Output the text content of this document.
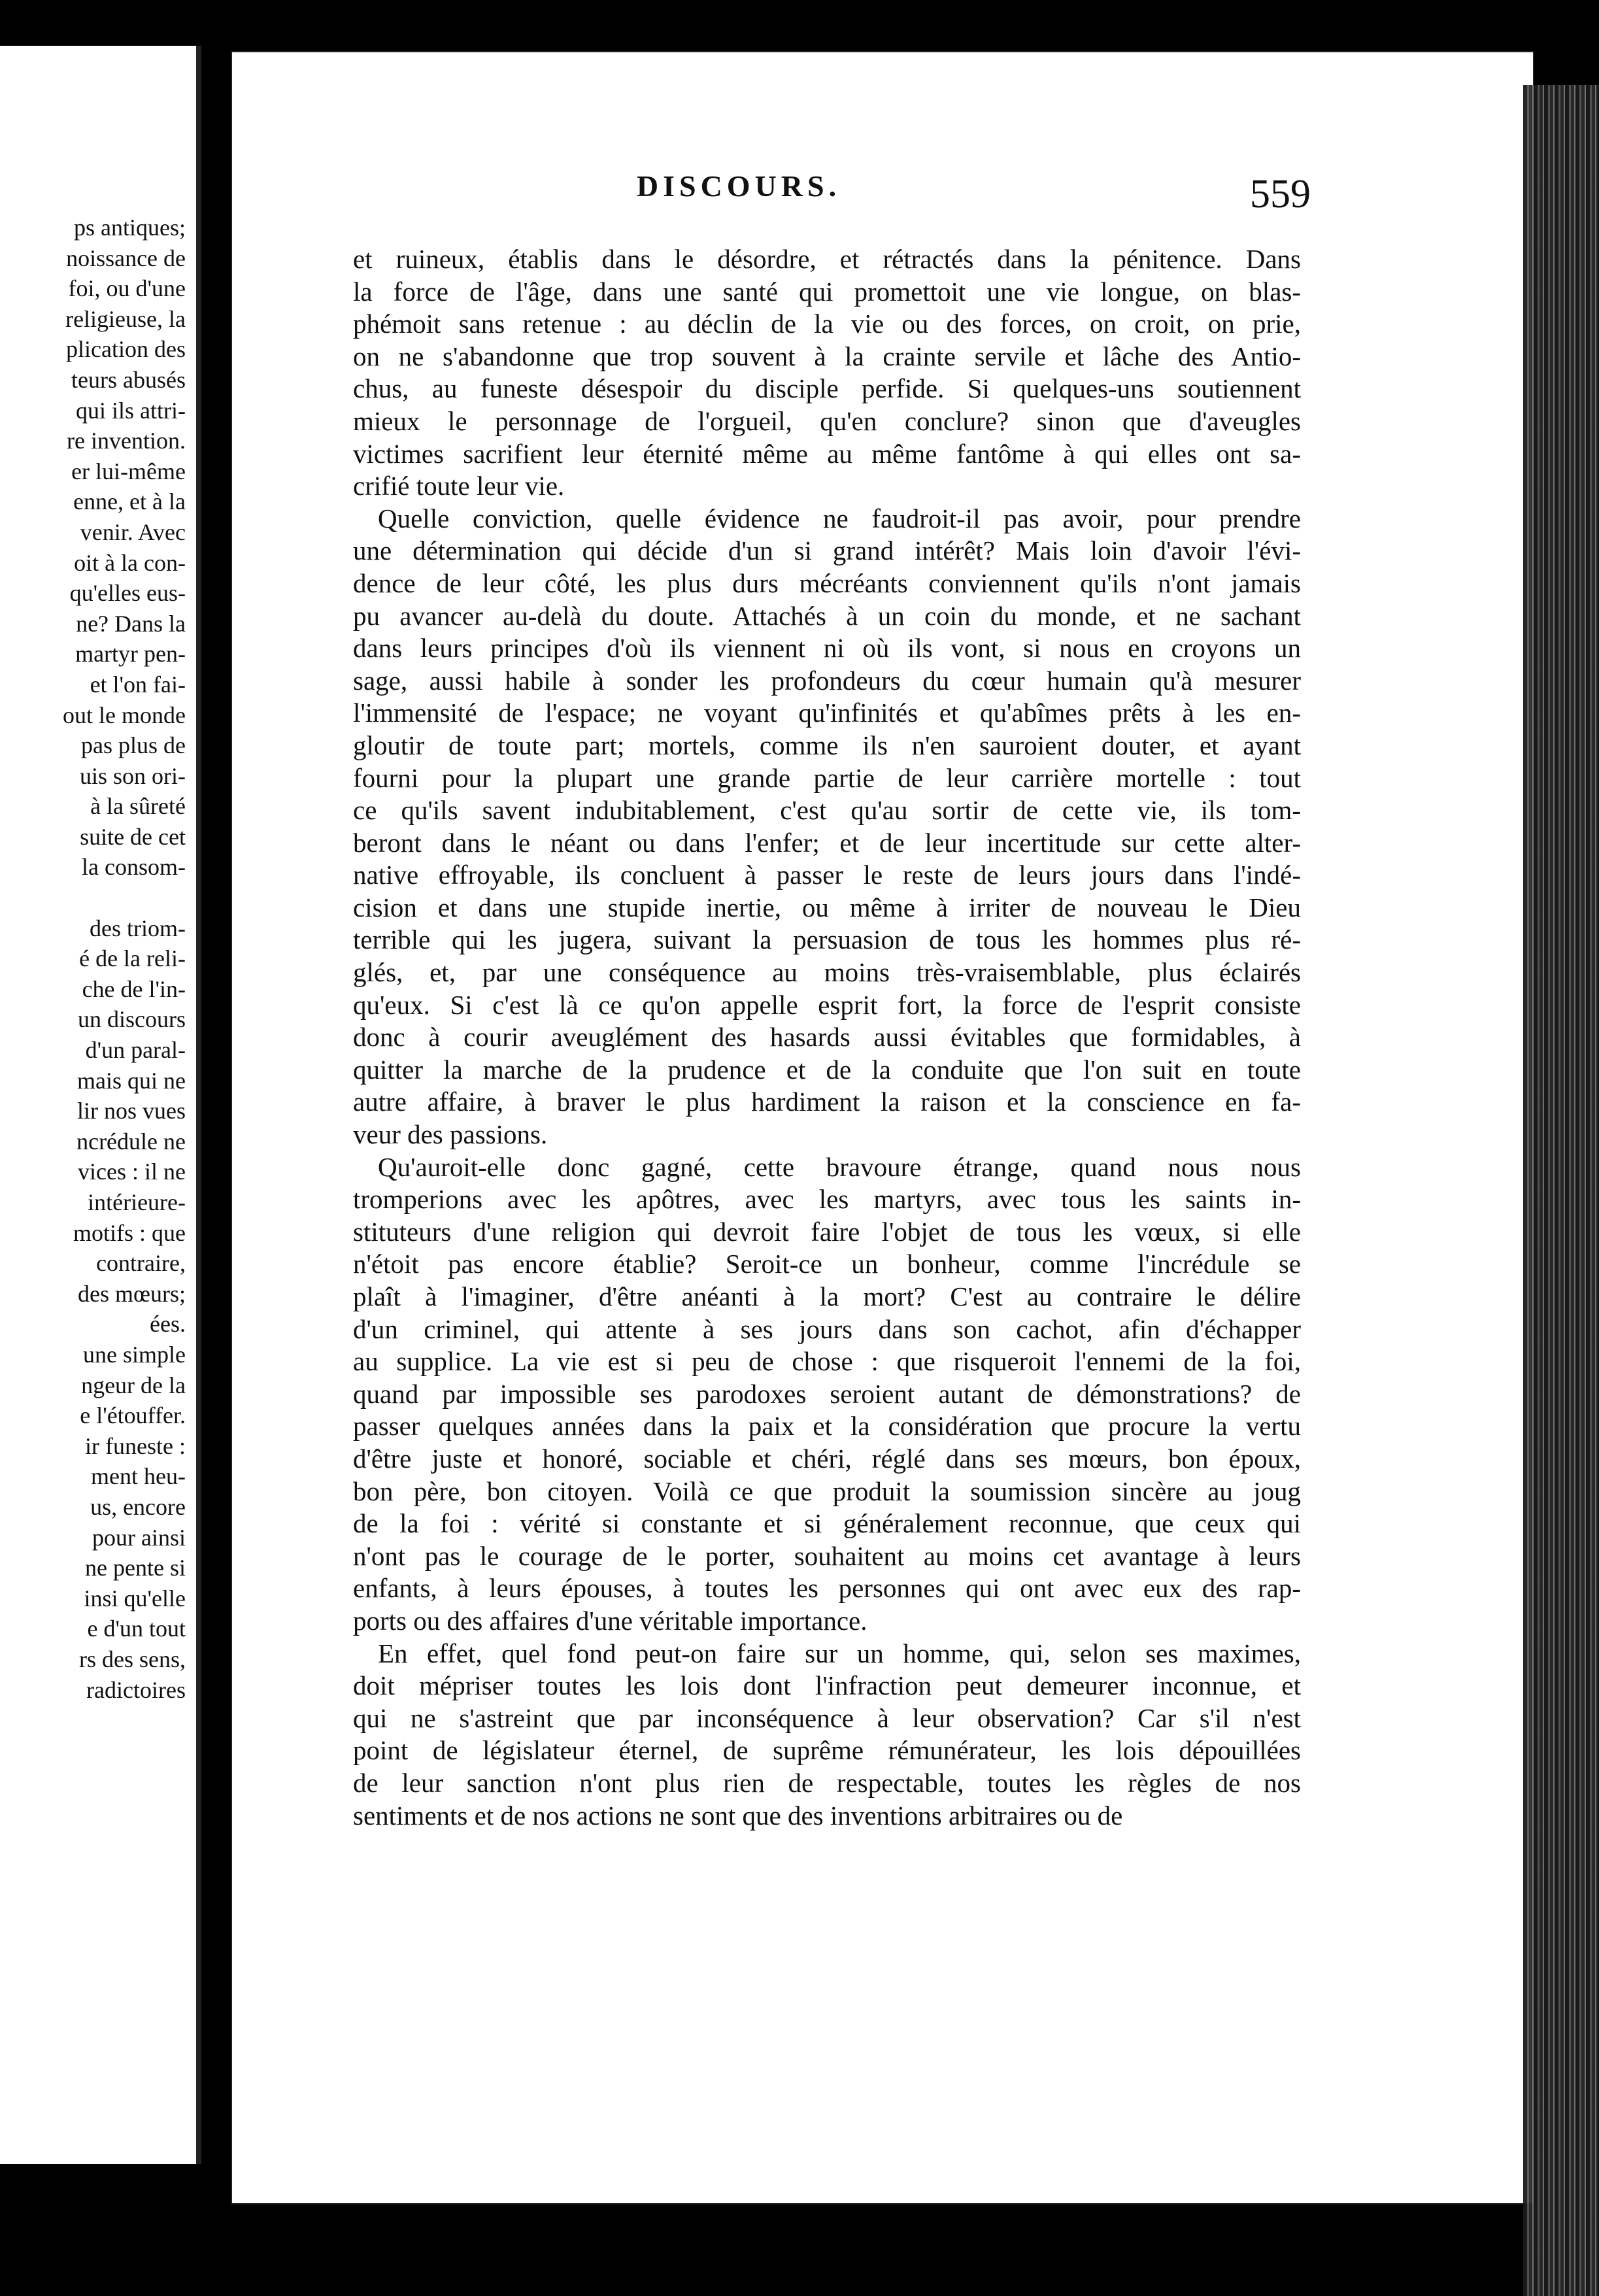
ps antiques;
noissance de
foi, ou d'une
religieuse, la
plication des
teurs abusés
qui ils attri-
re invention.
er lui-même
enne, et à la
venir. Avec
oit à la con-
qu'elles eus-
ne? Dans la
martyr pen-
et l'on fai-
out le monde
pas plus de
uis son ori-
à la sûreté
suite de cet
la consom-

des triom-
é de la reli-
che de l'in-
un discours
d'un paral-
mais qui ne
lir nos vues
ncrédule ne
vices : il ne
intérieure-
motifs : que
contraire,
des mœurs;
ées.
une simple
ngeur de la
e l'étouffer.
ir funeste :
ment heu-
us, encore
pour ainsi
ne pente si
insi qu'elle
e d'un tout
rs des sens,
radictoires
DISCOURS.	559
et ruineux, établis dans le désordre, et rétractés dans la pénitence. Dans
la force de l'âge, dans une santé qui promettoit une vie longue, on blas-
phémoit sans retenue : au déclin de la vie ou des forces, on croit, on prie,
on ne s'abandonne que trop souvent à la crainte servile et lâche des Antio-
chus, au funeste désespoir du disciple perfide. Si quelques-uns soutiennent
mieux le personnage de l'orgueil, qu'en conclure? sinon que d'aveugles
victimes sacrifient leur éternité même au même fantôme à qui elles ont sa-
crifié toute leur vie.
Quelle conviction, quelle évidence ne faudroit-il pas avoir, pour prendre
une détermination qui décide d'un si grand intérêt? Mais loin d'avoir l'évi-
dence de leur côté, les plus durs mécréants conviennent qu'ils n'ont jamais
pu avancer au-delà du doute. Attachés à un coin du monde, et ne sachant
dans leurs principes d'où ils viennent ni où ils vont, si nous en croyons un
sage, aussi habile à sonder les profondeurs du cœur humain qu'à mesurer
l'immensité de l'espace; ne voyant qu'infinités et qu'abîmes prêts à les en-
gloutir de toute part; mortels, comme ils n'en sauroient douter, et ayant
fourni pour la plupart une grande partie de leur carrière mortelle : tout
ce qu'ils savent indubitablement, c'est qu'au sortir de cette vie, ils tom-
beront dans le néant ou dans l'enfer; et de leur incertitude sur cette alter-
native effroyable, ils concluent à passer le reste de leurs jours dans l'indé-
cision et dans une stupide inertie, ou même à irriter de nouveau le Dieu
terrible qui les jugera, suivant la persuasion de tous les hommes plus ré-
glés, et, par une conséquence au moins très-vraisemblable, plus éclairés
qu'eux. Si c'est là ce qu'on appelle esprit fort, la force de l'esprit consiste
donc à courir aveuglément des hasards aussi évitables que formidables, à
quitter la marche de la prudence et de la conduite que l'on suit en toute
autre affaire, à braver le plus hardiment la raison et la conscience en fa-
veur des passions.
Qu'auroit-elle donc gagné, cette bravoure étrange, quand nous nous
tromperions avec les apôtres, avec les martyrs, avec tous les saints in-
stituteurs d'une religion qui devroit faire l'objet de tous les vœux, si elle
n'étoit pas encore établie? Seroit-ce un bonheur, comme l'incrédule se
plaît à l'imaginer, d'être anéanti à la mort? C'est au contraire le délire
d'un criminel, qui attente à ses jours dans son cachot, afin d'échapper
au supplice. La vie est si peu de chose : que risqueroit l'ennemi de la foi,
quand par impossible ses parodoxes seroient autant de démonstrations? de
passer quelques années dans la paix et la considération que procure la vertu
d'être juste et honoré, sociable et chéri, réglé dans ses mœurs, bon époux,
bon père, bon citoyen. Voilà ce que produit la soumission sincère au joug
de la foi : vérité si constante et si généralement reconnue, que ceux qui
n'ont pas le courage de le porter, souhaitent au moins cet avantage à leurs
enfants, à leurs épouses, à toutes les personnes qui ont avec eux des rap-
ports ou des affaires d'une véritable importance.
En effet, quel fond peut-on faire sur un homme, qui, selon ses maximes,
doit mépriser toutes les lois dont l'infraction peut demeurer inconnue, et
qui ne s'astreint que par inconséquence à leur observation? Car s'il n'est
point de législateur éternel, de suprême rémunérateur, les lois dépouillées
de leur sanction n'ont plus rien de respectable, toutes les règles de nos
sentiments et de nos actions ne sont que des inventions arbitraires ou de
